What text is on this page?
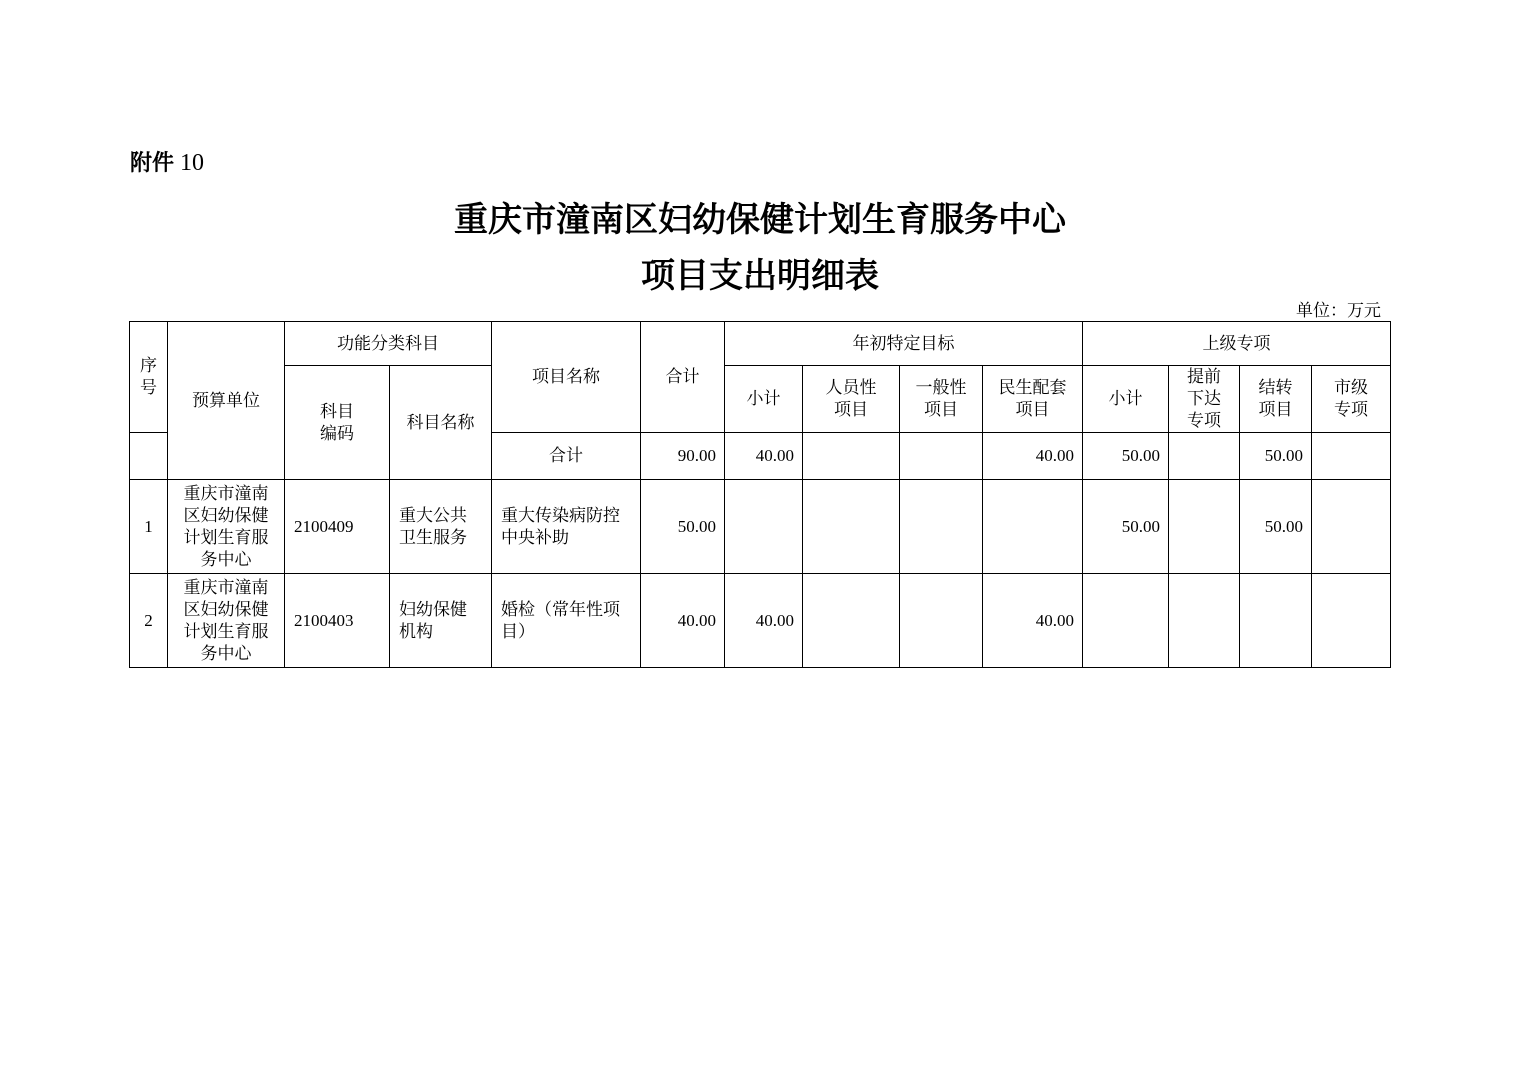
附件 10
重庆市潼南区妇幼保健计划生育服务中心
项目支出明细表
单位：万元
序号	预算单位	功能分类科目		项目名称	合计	年初特定目标				上级专项			

		科目编码	科目名称			小计	人员性项目	一般性项目	民生配套项目	小计	提前下达专项	结转项目	市级专项

				合计	90.00	40.00			40.00	50.00		50.00	
1	重庆市潼南区妇幼保健计划生育服务中心	2100409	重大公共卫生服务	重大传染病防控中央补助	50.00					50.00		50.00	
2	重庆市潼南区妇幼保健计划生育服务中心	2100403	妇幼保健机构	婚检（常年性项目）	40.00	40.00			40.00				
